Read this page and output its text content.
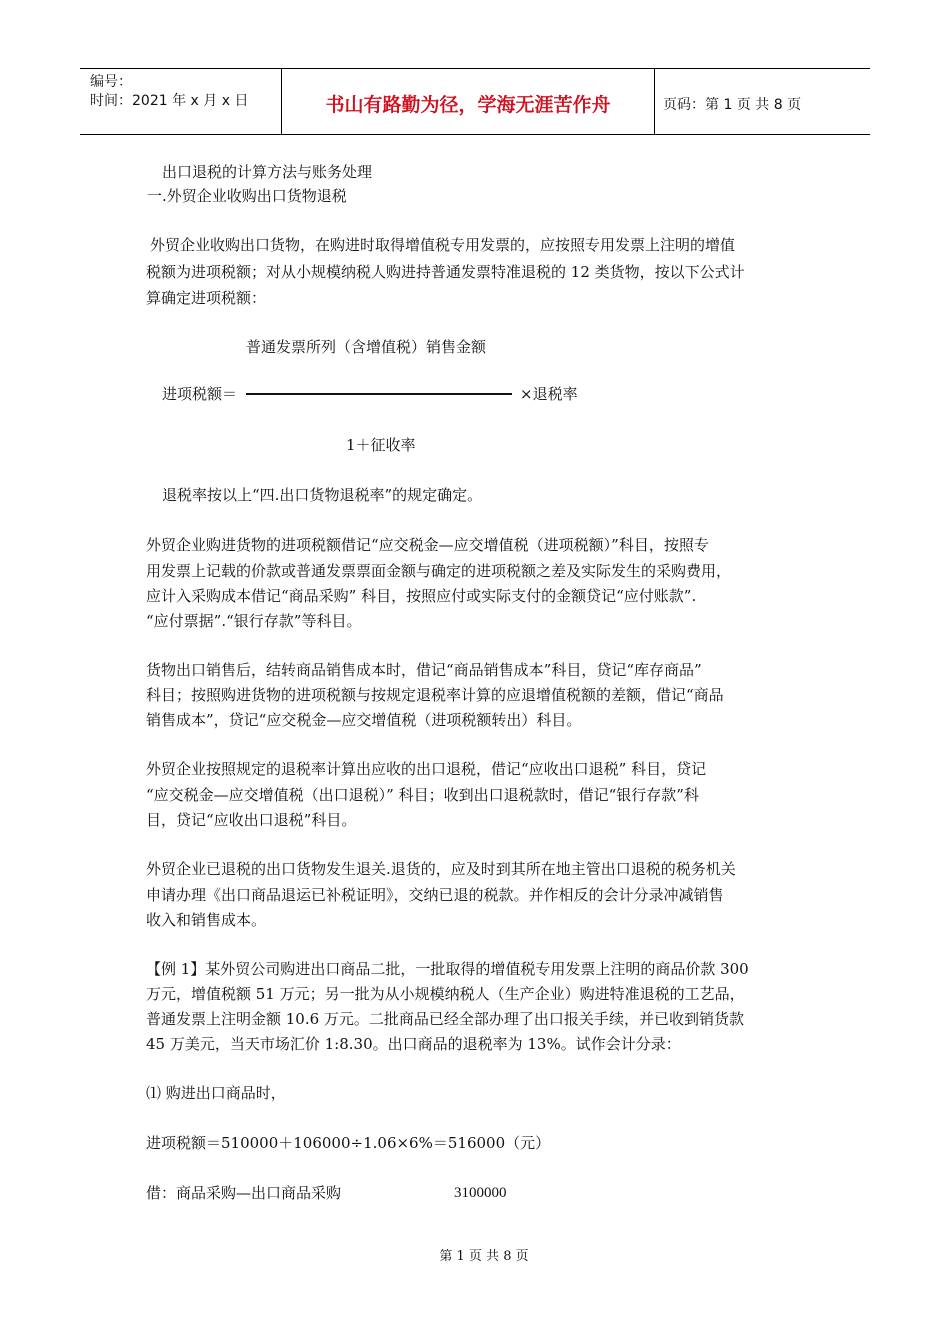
编号：
时间：2021 年 x 月 x 日	书山有路勤为径，学海无涯苦作舟	页码：第 1 页 共 8 页
出口退税的计算方法与账务处理
一.外贸企业收购出口货物退税
外贸企业收购出口货物，在购进时取得增值税专用发票的，应按照专用发票上注明的增值
税额为进项税额；对从小规模纳税人购进持普通发票特准退税的 12 类货物，按以下公式计
算确定进项税额：
普通发票所列（含增值税）销售金额
进项税额＝	×退税率
1＋征收率
退税率按以上“四.出口货物退税率”的规定确定。
外贸企业购进货物的进项税额借记“应交税金—应交增值税（进项税额）”科目，按照专
用发票上记载的价款或普通发票票面金额与确定的进项税额之差及实际发生的采购费用，
应计入采购成本借记“商品采购” 科目，按照应付或实际支付的金额贷记“应付账款”.
“应付票据”.“银行存款”等科目。
货物出口销售后，结转商品销售成本时，借记“商品销售成本”科目，贷记“库存商品”
科目；按照购进货物的进项税额与按规定退税率计算的应退增值税额的差额，借记“商品
销售成本”，贷记“应交税金—应交增值税（进项税额转出）科目。
外贸企业按照规定的退税率计算出应收的出口退税，借记“应收出口退税” 科目，贷记
“应交税金—应交增值税（出口退税）” 科目；收到出口退税款时，借记“银行存款”科
目，贷记“应收出口退税”科目。
外贸企业已退税的出口货物发生退关.退货的，应及时到其所在地主管出口退税的税务机关
申请办理《出口商品退运已补税证明》，交纳已退的税款。并作相反的会计分录冲减销售
收入和销售成本。
【例 1】某外贸公司购进出口商品二批，一批取得的增值税专用发票上注明的商品价款 300
万元，增值税额 51 万元；另一批为从小规模纳税人（生产企业）购进特准退税的工艺品，
普通发票上注明金额 10.6 万元。二批商品已经全部办理了出口报关手续，并已收到销货款
45 万美元，当天市场汇价 1:8.30。出口商品的退税率为 13%。试作会计分录：
⑴ 购进出口商品时，
进项税额＝510000＋106000÷1.06×6%＝516000（元）
借：商品采购—出口商品采购	3100000
第 1 页 共 8 页
